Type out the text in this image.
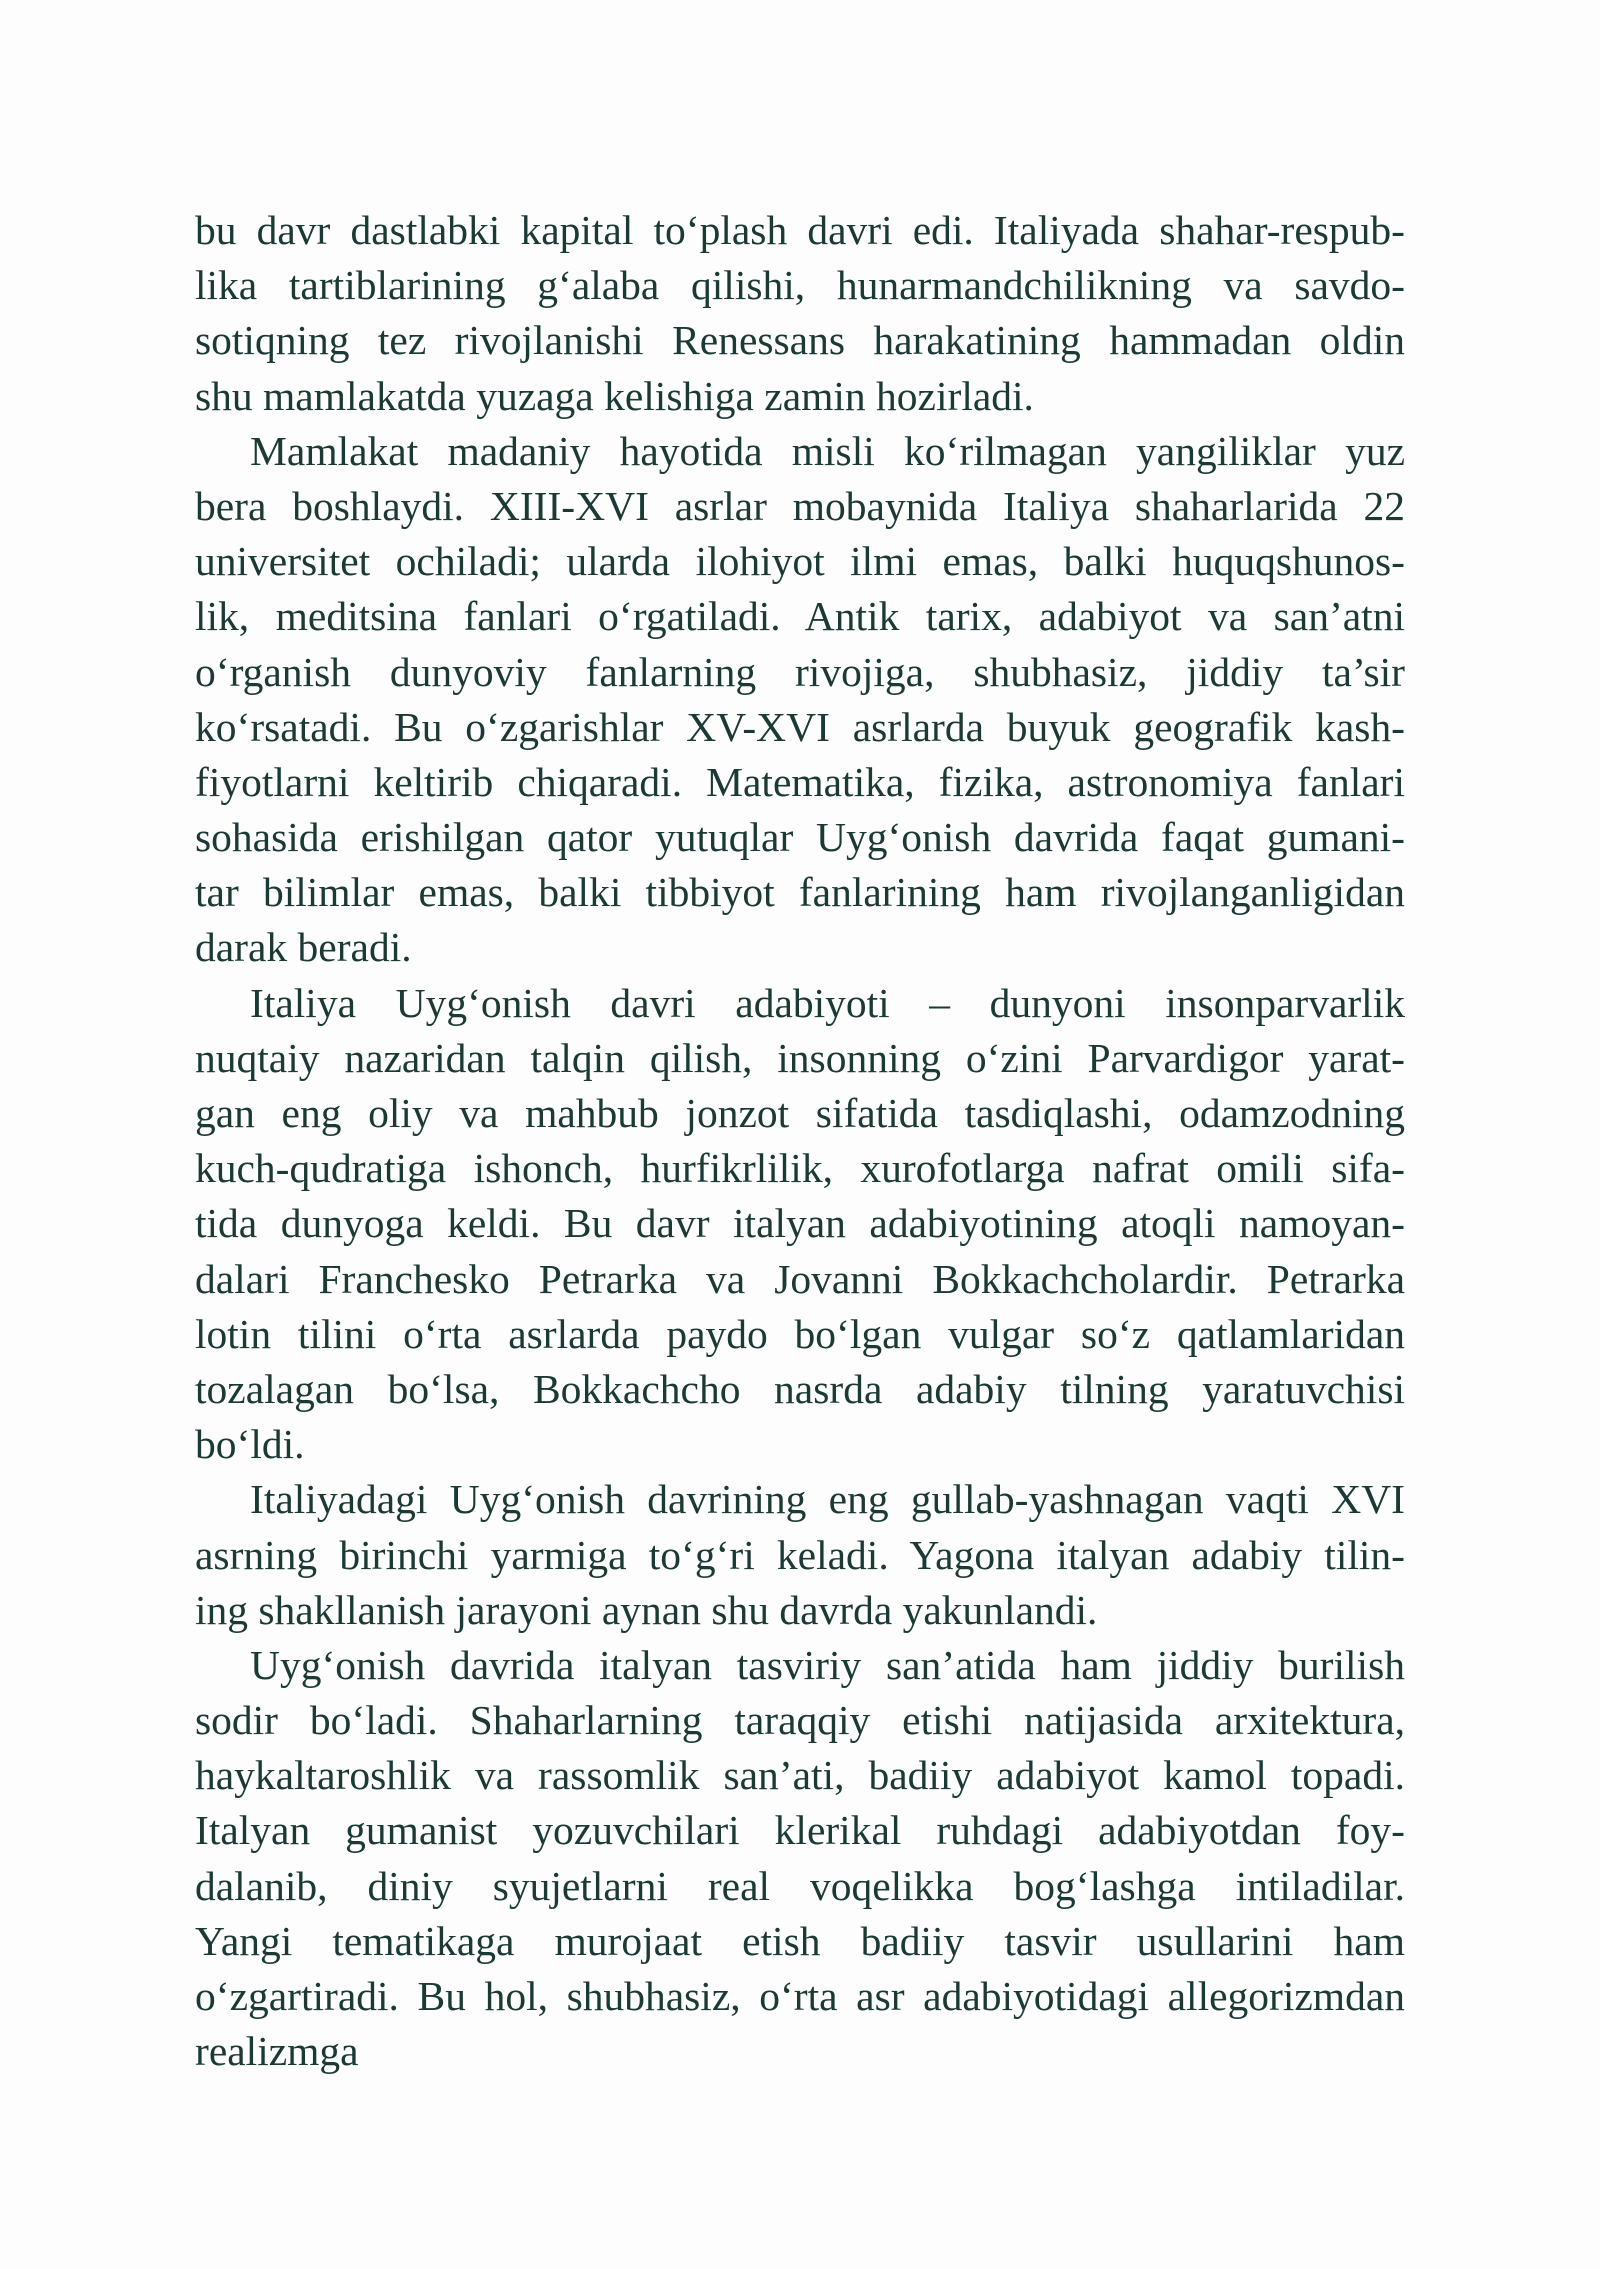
bu davr dastlabki kapital to‘plash davri edi. Italiyada shahar-respub-
lika tartiblarining g‘alaba qilishi, hunarmandchilikning va savdo-
sotiqning tez rivojlanishi Renessans harakatining hammadan oldin
shu mamlakatda yuzaga kelishiga zamin hozirladi.
Mamlakat madaniy hayotida misli ko‘rilmagan yangiliklar yuz
bera boshlaydi. XIII-XVI asrlar mobaynida Italiya shaharlarida 22
universitet ochiladi; ularda ilohiyot ilmi emas, balki huquqshunos-
lik, meditsina fanlari o‘rgatiladi. Antik tarix, adabiyot va san’atni
o‘rganish dunyoviy fanlarning rivojiga, shubhasiz, jiddiy ta’sir
ko‘rsatadi. Bu o‘zgarishlar XV-XVI asrlarda buyuk geografik kash-
fiyotlarni keltirib chiqaradi. Matematika, fizika, astronomiya fanlari
sohasida erishilgan qator yutuqlar Uyg‘onish davrida faqat gumani-
tar bilimlar emas, balki tibbiyot fanlarining ham rivojlanganligidan
darak beradi.
Italiya Uyg‘onish davri adabiyoti – dunyoni insonparvarlik
nuqtaiy nazaridan talqin qilish, insonning o‘zini Parvardigor yarat-
gan eng oliy va mahbub jonzot sifatida tasdiqlashi, odamzodning
kuch-qudratiga ishonch, hurfikrlilik, xurofotlarga nafrat omili sifa-
tida dunyoga keldi. Bu davr italyan adabiyotining atoqli namoyan-
dalari Franchesko Petrarka va Jovanni Bokkachcholardir. Petrarka
lotin tilini o‘rta asrlarda paydo bo‘lgan vulgar so‘z qatlamlaridan
tozalagan bo‘lsa, Bokkachcho nasrda adabiy tilning yaratuvchisi
bo‘ldi.
Italiyadagi Uyg‘onish davrining eng gullab-yashnagan vaqti XVI
asrning birinchi yarmiga to‘g‘ri keladi. Yagona italyan adabiy tilin-
ing shakllanish jarayoni aynan shu davrda yakunlandi.
Uyg‘onish davrida italyan tasviriy san’atida ham jiddiy burilish
sodir bo‘ladi. Shaharlarning taraqqiy etishi natijasida arxitektura,
haykaltaroshlik va rassomlik san’ati, badiiy adabiyot kamol topadi.
Italyan gumanist yozuvchilari klerikal ruhdagi adabiyotdan foy-
dalanib, diniy syujetlarni real voqelikka bog‘lashga intiladilar.
Yangi tematikaga murojaat etish badiiy tasvir usullarini ham
o‘zgartiradi. Bu hol, shubhasiz, o‘rta asr adabiyotidagi allegorizmdan
realizmga
